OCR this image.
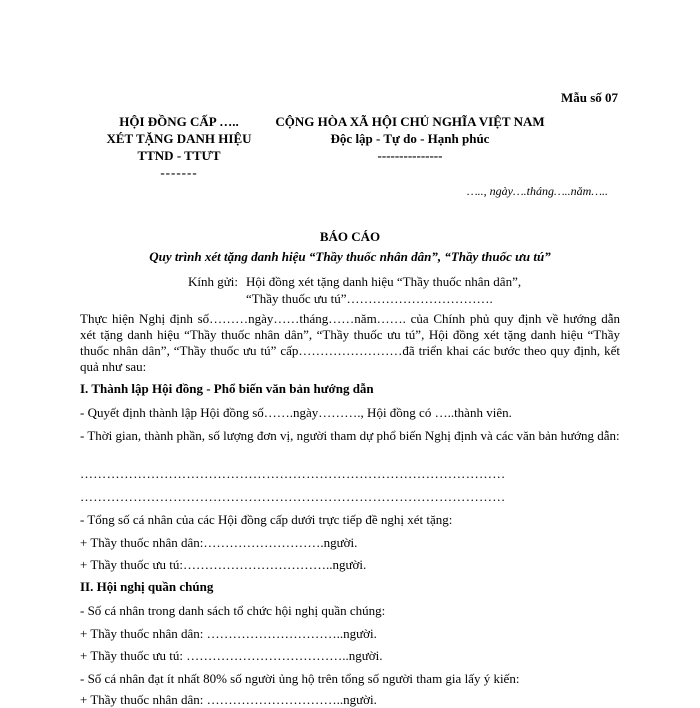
Mẫu số 07
HỘI ĐỒNG CẤP …..
XÉT TẶNG DANH HIỆU
TTND - TTƯT
-------
CỘNG HÒA XÃ HỘI CHỦ NGHĨA VIỆT NAM
Độc lập - Tự do - Hạnh phúc
---------------
….., ngày….tháng…..năm…..
BÁO CÁO
Quy trình xét tặng danh hiệu “Thầy thuốc nhân dân”, “Thầy thuốc ưu tú”
Kính gửi: Hội đồng xét tặng danh hiệu “Thầy thuốc nhân dân”, “Thầy thuốc ưu tú”…………………………….
Thực hiện Nghị định số………ngày……tháng……năm……. của Chính phủ quy định về hướng dẫn xét tặng danh hiệu “Thầy thuốc nhân dân”, “Thầy thuốc ưu tú”, Hội đồng xét tặng danh hiệu “Thầy thuốc nhân dân”, “Thầy thuốc ưu tú” cấp……………………đã triển khai các bước theo quy định, kết quả như sau:
I. Thành lập Hội đồng - Phổ biến văn bản hướng dẫn
- Quyết định thành lập Hội đồng số…….ngày………., Hội đồng có …..thành viên.
- Thời gian, thành phần, số lượng đơn vị, người tham dự phổ biến Nghị định và các văn bản hướng dẫn:
……………………………………………………………………………………
……………………………………………………………………………………
- Tổng số cá nhân của các Hội đồng cấp dưới trực tiếp đề nghị xét tặng:
+ Thầy thuốc nhân dân:……………………….người.
+ Thầy thuốc ưu tú:……………………………..người.
II. Hội nghị quần chúng
- Số cá nhân trong danh sách tổ chức hội nghị quần chúng:
+ Thầy thuốc nhân dân: …………………………..người.
+ Thầy thuốc ưu tú: ………………………………..người.
- Số cá nhân đạt ít nhất 80% số người ủng hộ trên tổng số người tham gia lấy ý kiến:
+ Thầy thuốc nhân dân: …………………………..người.
